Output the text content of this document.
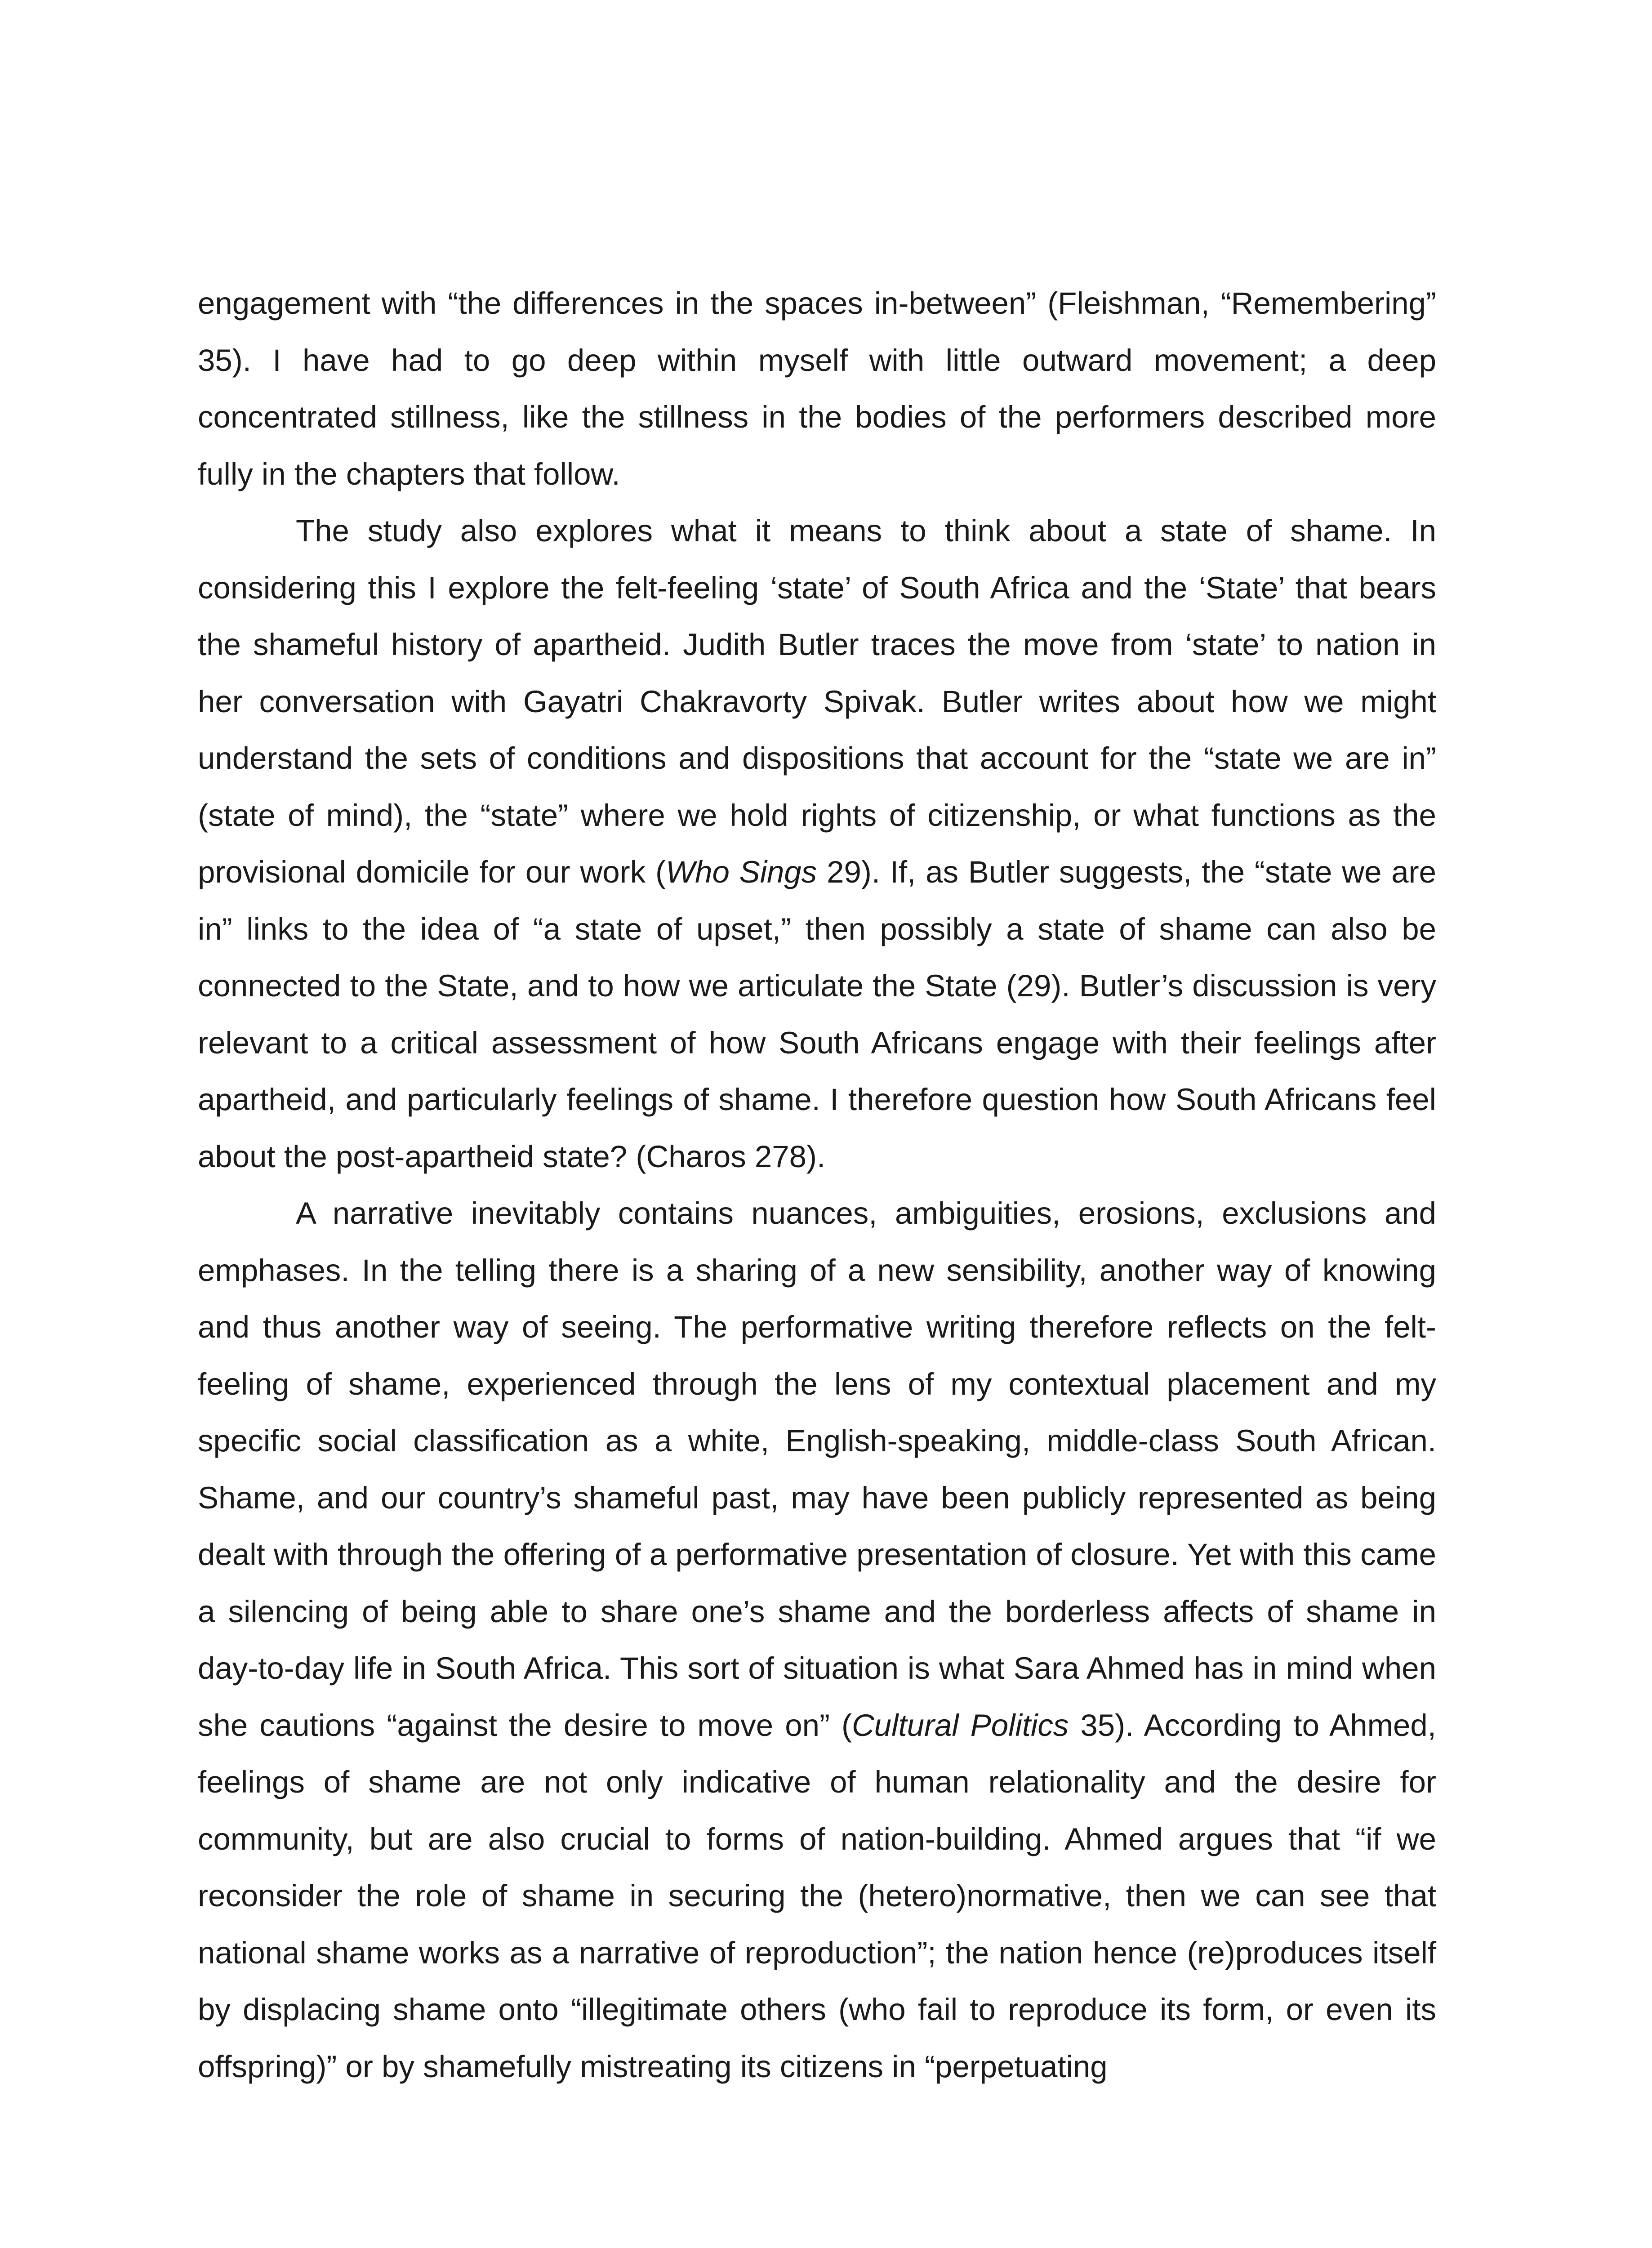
engagement with “the differences in the spaces in-between” (Fleishman, “Remembering” 35). I have had to go deep within myself with little outward movement; a deep concentrated stillness, like the stillness in the bodies of the performers described more fully in the chapters that follow.

The study also explores what it means to think about a state of shame. In considering this I explore the felt-feeling ‘state’ of South Africa and the ‘State’ that bears the shameful history of apartheid. Judith Butler traces the move from ‘state’ to nation in her conversation with Gayatri Chakravorty Spivak. Butler writes about how we might understand the sets of conditions and dispositions that account for the “state we are in” (state of mind), the “state” where we hold rights of citizenship, or what functions as the provisional domicile for our work (Who Sings 29). If, as Butler suggests, the “state we are in” links to the idea of “a state of upset,” then possibly a state of shame can also be connected to the State, and to how we articulate the State (29). Butler’s discussion is very relevant to a critical assessment of how South Africans engage with their feelings after apartheid, and particularly feelings of shame. I therefore question how South Africans feel about the post-apartheid state? (Charos 278).

A narrative inevitably contains nuances, ambiguities, erosions, exclusions and emphases. In the telling there is a sharing of a new sensibility, another way of knowing and thus another way of seeing. The performative writing therefore reflects on the felt-feeling of shame, experienced through the lens of my contextual placement and my specific social classification as a white, English-speaking, middle-class South African. Shame, and our country’s shameful past, may have been publicly represented as being dealt with through the offering of a performative presentation of closure. Yet with this came a silencing of being able to share one’s shame and the borderless affects of shame in day-to-day life in South Africa. This sort of situation is what Sara Ahmed has in mind when she cautions “against the desire to move on” (Cultural Politics 35). According to Ahmed, feelings of shame are not only indicative of human relationality and the desire for community, but are also crucial to forms of nation-building. Ahmed argues that “if we reconsider the role of shame in securing the (hetero)normative, then we can see that national shame works as a narrative of reproduction”; the nation hence (re)produces itself by displacing shame onto “illegitimate others (who fail to reproduce its form, or even its offspring)” or by shamefully mistreating its citizens in “perpetuating
